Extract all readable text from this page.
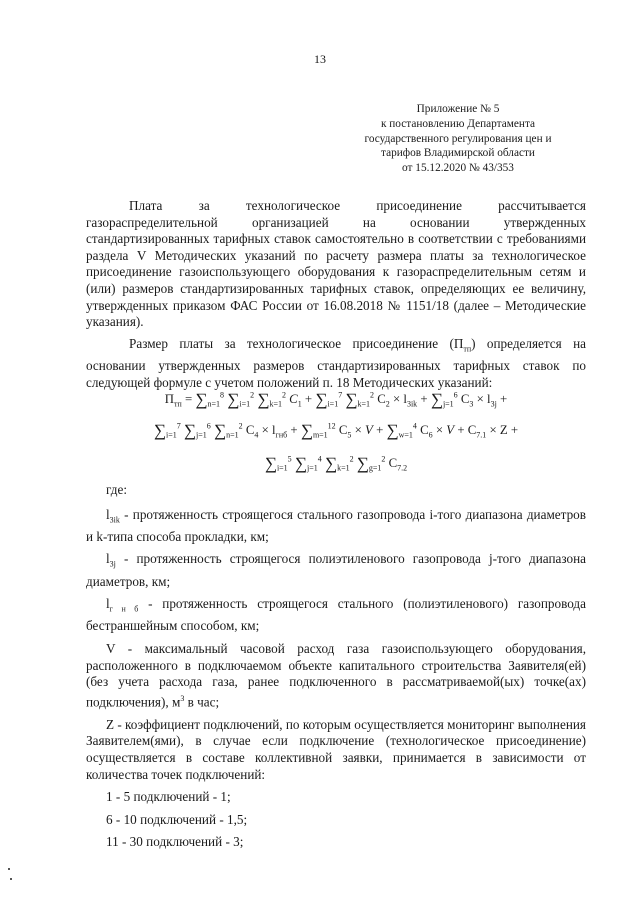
13
Приложение № 5
к постановлению Департамента
государственного регулирования цен и
тарифов Владимирской области
от 15.12.2020 № 43/353

Плата за технологическое присоединение рассчитывается газораспределительной организацией на основании утвержденных стандартизированных тарифных ставок самостоятельно в соответствии с требованиями раздела V Методических указаний по расчету размера платы за технологическое присоединение газоиспользующего оборудования к газораспределительным сетям и (или) размеров стандартизированных тарифных ставок, определяющих ее величину, утвержденных приказом ФАС России от 16.08.2018 № 1151/18 (далее – Методические указания).

Размер платы за технологическое присоединение $(П_{тп})$ определяется на основании утвержденных размеров стандартизированных тарифных ставок по следующей формуле с учетом положений п. 18 Методических указаний:

$П_{тп} = \sum_{n=1}^8$ $\sum_{i=1}^2$ $\sum_{k=1}^2$ $C_1 + \sum_{i=1}^7$ $\sum_{k=1}^2$ $C_2 \times l_{3ik} + \sum_{j=1}^6$ $C_3 \times l_{3j}$ +
$\sum_{i=1}^7$ $\sum_{j=1}^6$ $\sum_{n=1}^2$ $C_4 \times l_{гнб} + \sum_{m=1}^{12}$ $C_5 \times V + \sum_{w=1}^4$ $C_6 \times V + C_{7.1} \times Z$ +
$\sum_{i=1}^5$ $\sum_{j=1}^4$ $\sum_{k=1}^2$ $\sum_{g=1}^2$ $C_{7.2}$

где:

$l_{3ik}$ - протяженность строящегося стального газопровода i-того диапазона диаметров и k-типа способа прокладки, км;

$l_{3j}$ - протяженность строящегося полиэтиленового газопровода j-того диапазона диаметров, км;

$l_{г н б}$ - протяженность строящегося стального (полиэтиленового) газопровода бестраншейным способом, км;

V - максимальный часовой расход газа газоиспользующего оборудования, расположенного в подключаемом объекте капитального строительства Заявителя(ей) (без учета расхода газа, ранее подключенного в рассматриваемой(ых) точке(ах) подключения), $м^3$ в час;

Z - коэффициент подключений, по которым осуществляется мониторинг выполнения Заявителем(ями), в случае если подключение (технологическое присоединение) осуществляется в составе коллективной заявки, принимается в зависимости от количества точек подключений:

1 - 5 подключений - 1;

6 - 10 подключений - 1,5;

11 - 30 подключений - 3;
